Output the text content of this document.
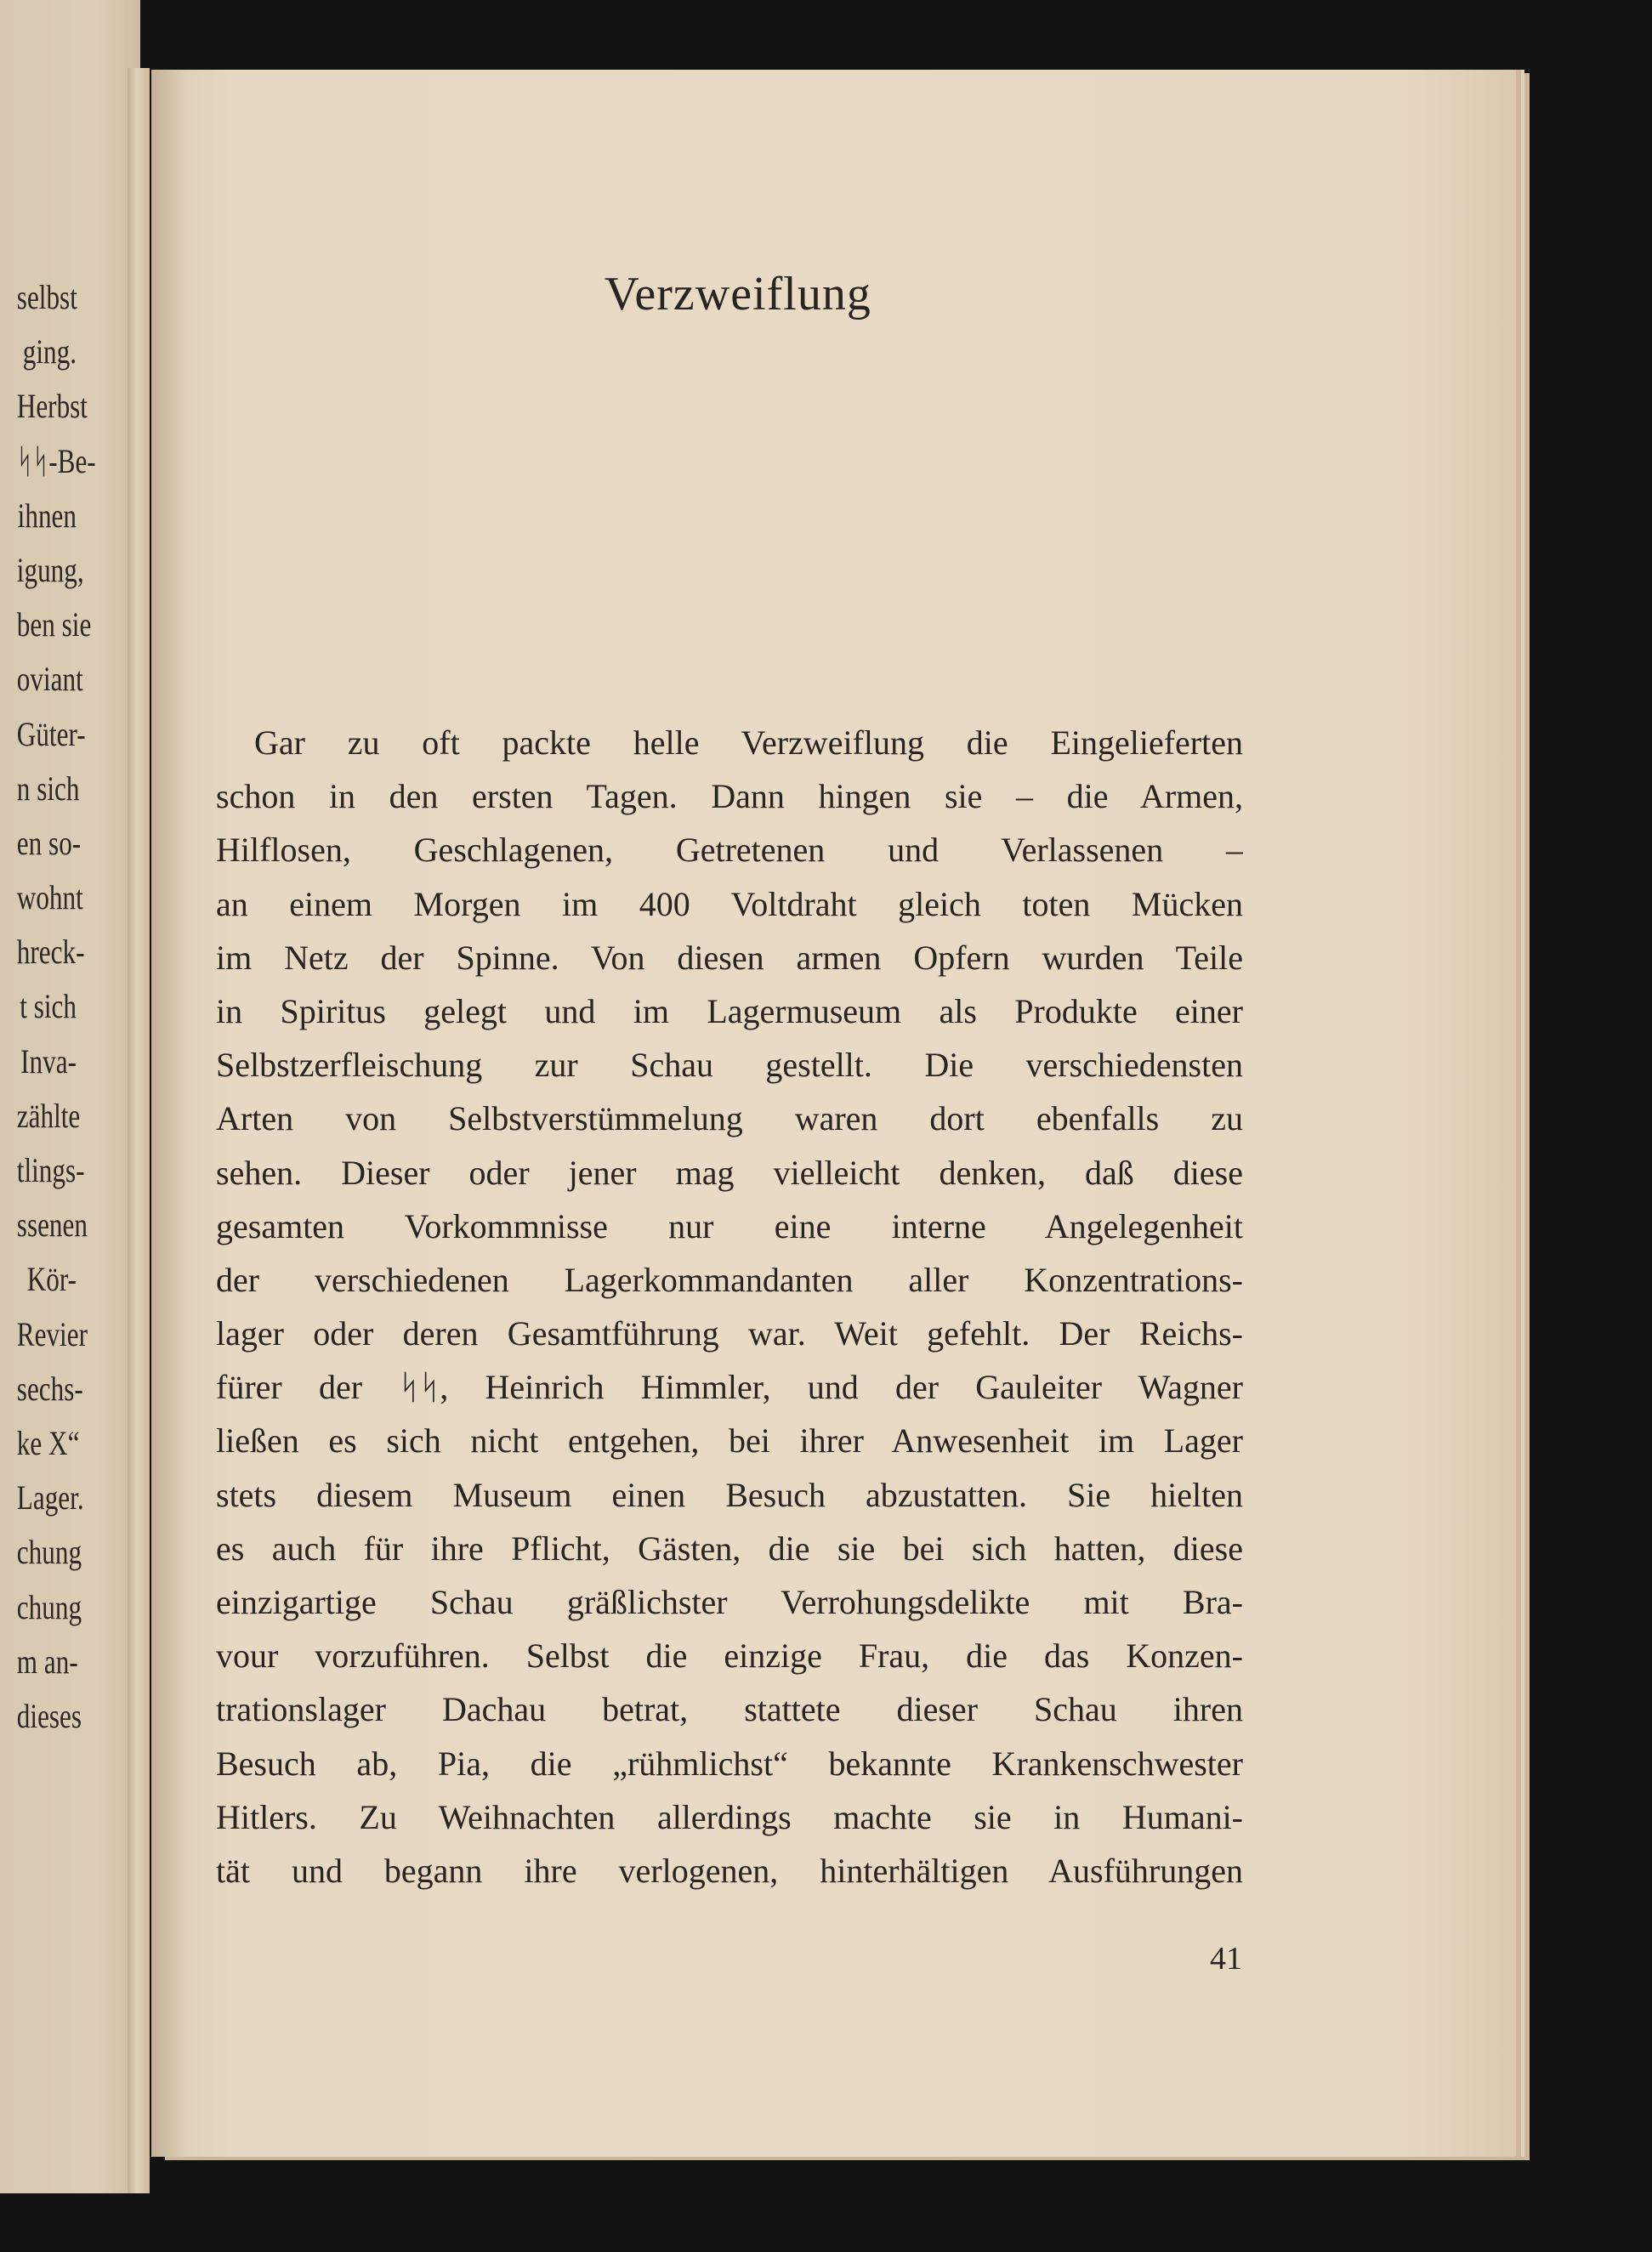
selbst
ging.
Herbst
ᛋᛋ-Be-
ihnen
igung,
ben sie
oviant
Güter-
n sich
en so-
wohnt
hreck-
t sich
Inva-
zählte
tlings-
ssenen
Kör-
Revier
sechs-
ke X“
Lager.
chung
chung
m an-
dieses
Verzweiflung
Gar zu oft packte helle Verzweiflung die Eingelieferten
schon in den ersten Tagen. Dann hingen sie – die Armen,
Hilflosen, Geschlagenen, Getretenen und Verlassenen –
an einem Morgen im 400 Voltdraht gleich toten Mücken
im Netz der Spinne. Von diesen armen Opfern wurden Teile
in Spiritus gelegt und im Lagermuseum als Produkte einer
Selbstzerfleischung zur Schau gestellt. Die verschiedensten
Arten von Selbstverstümmelung waren dort ebenfalls zu
sehen. Dieser oder jener mag vielleicht denken, daß diese
gesamten Vorkommnisse nur eine interne Angelegenheit
der verschiedenen Lagerkommandanten aller Konzentrations-
lager oder deren Gesamtführung war. Weit gefehlt. Der Reichs-
fürer der ᛋᛋ, Heinrich Himmler, und der Gauleiter Wagner
ließen es sich nicht entgehen, bei ihrer Anwesenheit im Lager
stets diesem Museum einen Besuch abzustatten. Sie hielten
es auch für ihre Pflicht, Gästen, die sie bei sich hatten, diese
einzigartige Schau gräßlichster Verrohungsdelikte mit Bra-
vour vorzuführen. Selbst die einzige Frau, die das Konzen-
trationslager Dachau betrat, stattete dieser Schau ihren
Besuch ab, Pia, die „rühmlichst“ bekannte Krankenschwester
Hitlers. Zu Weihnachten allerdings machte sie in Humani-
tät und begann ihre verlogenen, hinterhältigen Ausführungen
41
